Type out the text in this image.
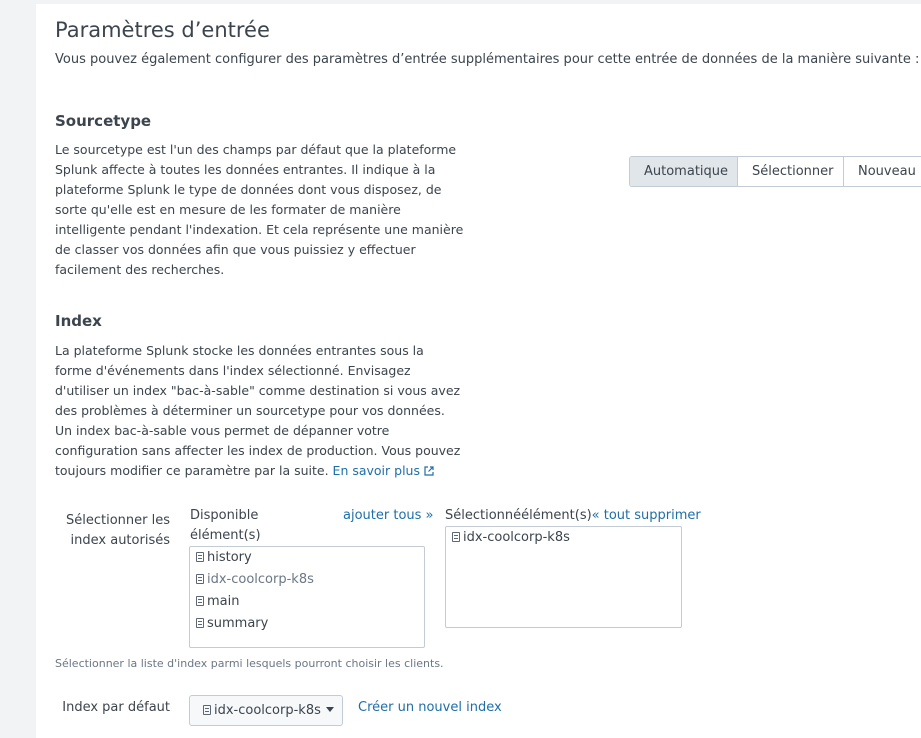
Paramètres d’entrée

Vous pouvez également configurer des paramètres d’entrée supplémentaires pour cette entrée de données de la manière suivante :

Sourcetype

Le sourcetype est l'un des champs par défaut que la plateforme
Splunk affecte à toutes les données entrantes. Il indique à la
plateforme Splunk le type de données dont vous disposez, de
sorte qu'elle est en mesure de les formater de manière
intelligente pendant l'indexation. Et cela représente une manière
de classer vos données afin que vous puissiez y effectuer
facilement des recherches.

Automatique	Sélectionner	Nouveau
Index

La plateforme Splunk stocke les données entrantes sous la
forme d'événements dans l'index sélectionné. Envisagez
d'utiliser un index "bac-à-sable" comme destination si vous avez
des problèmes à déterminer un sourcetype pour vos données.
Un index bac-à-sable vous permet de dépanner votre
configuration sans affecter les index de production. Vous pouvez
toujours modifier ce paramètre par la suite. En savoir plus

Sélectionner les
index autorisés
Disponible
élément(s)
ajouter tous »
history
idx-coolcorp-k8s
main
summary
Sélectionnéélément(s)« tout supprimer
idx-coolcorp-k8s

Sélectionner la liste d'index parmi lesquels pourront choisir les clients.

Index par défaut	idx-coolcorp-k8s	Créer un nouvel index
